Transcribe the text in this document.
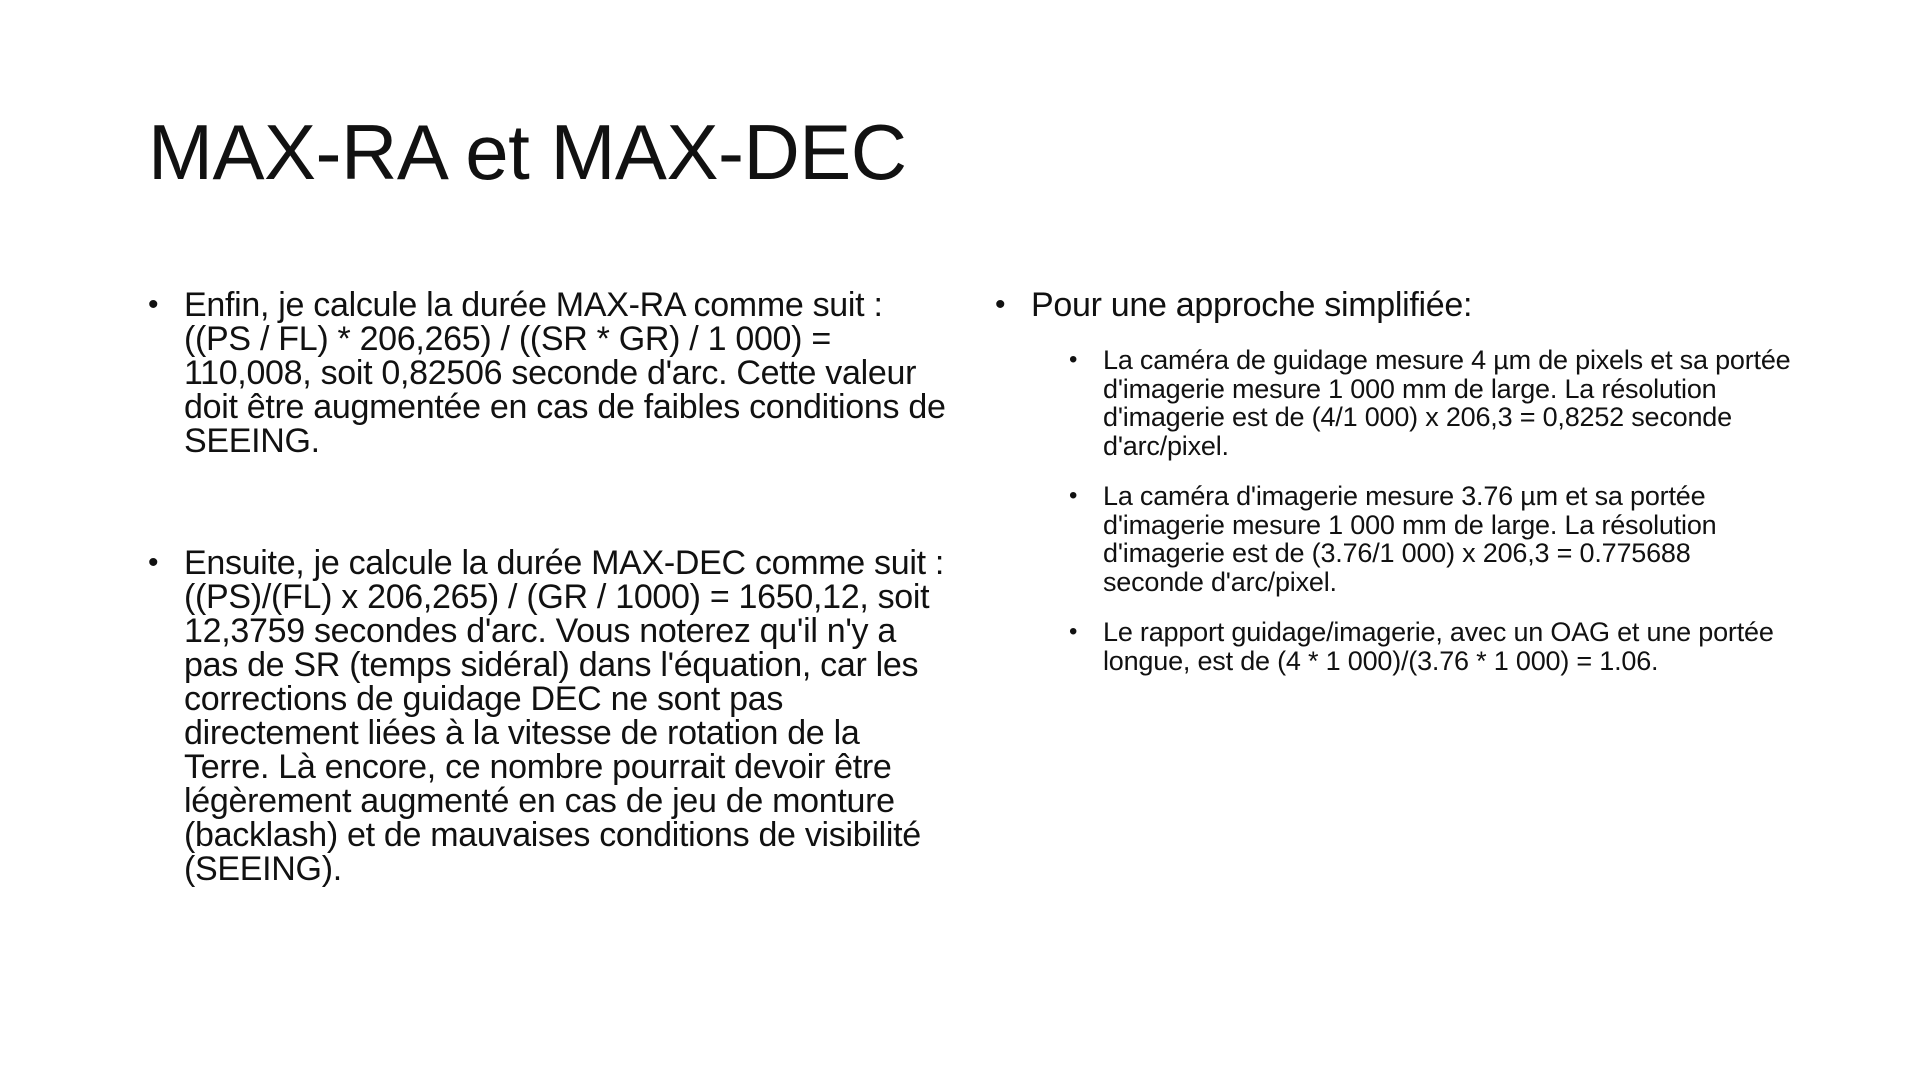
MAX-RA et MAX-DEC

• Enfin, je calcule la durée MAX-RA comme suit : ((PS / FL) * 206,265) / ((SR * GR) / 1 000) = 110,008, soit 0,82506 seconde d'arc. Cette valeur doit être augmentée en cas de faibles conditions de SEEING.

• Ensuite, je calcule la durée MAX-DEC comme suit : ((PS)/(FL) x 206,265) / (GR / 1000) = 1650,12, soit 12,3759 secondes d'arc. Vous noterez qu'il n'y a pas de SR (temps sidéral) dans l'équation, car les corrections de guidage DEC ne sont pas directement liées à la vitesse de rotation de la Terre. Là encore, ce nombre pourrait devoir être légèrement augmenté en cas de jeu de monture (backlash) et de mauvaises conditions de visibilité (SEEING).

• Pour une approche simplifiée:

• La caméra de guidage mesure 4 µm de pixels et sa portée d'imagerie mesure 1 000 mm de large. La résolution d'imagerie est de (4/1 000) x 206,3 = 0,8252 seconde d'arc/pixel.

• La caméra d'imagerie mesure 3.76 µm et sa portée d'imagerie mesure 1 000 mm de large. La résolution d'imagerie est de (3.76/1 000) x 206,3 = 0.775688 seconde d'arc/pixel.

• Le rapport guidage/imagerie, avec un OAG et une portée longue, est de (4 * 1 000)/(3.76 * 1 000) = 1.06.
